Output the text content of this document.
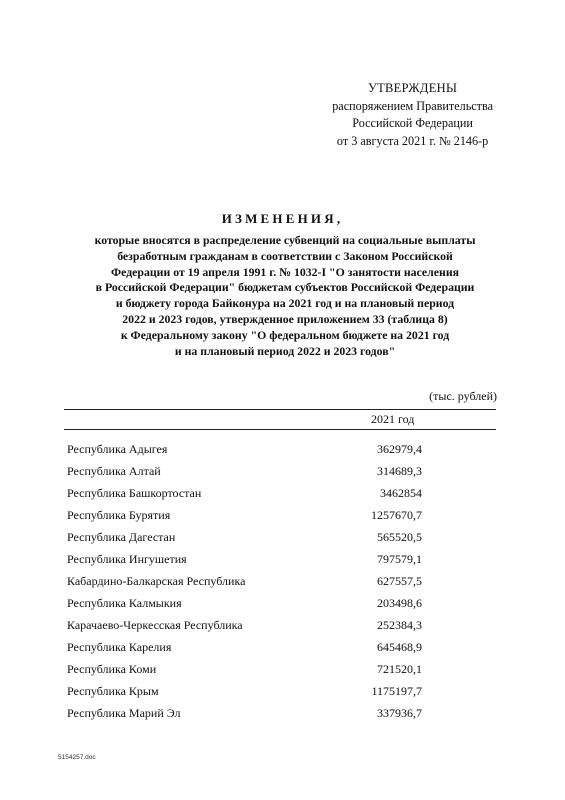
УТВЕРЖДЕНЫ
распоряжением Правительства
Российской Федерации
от 3 августа 2021 г. № 2146-р
ИЗМЕНЕНИЯ,
которые вносятся в распределение субвенций на социальные выплаты
безработным гражданам в соответствии с Законом Российской
Федерации от 19 апреля 1991 г. № 1032-I "О занятости населения
в Российской Федерации" бюджетам субъектов Российской Федерации
и бюджету города Байконура на 2021 год и на плановый период
2022 и 2023 годов, утвержденное приложением 33 (таблица 8)
к Федеральному закону "О федеральном бюджете на 2021 год
и на плановый период 2022 и 2023 годов"
(тыс. рублей)
2021 год
Республика Адыгея	362979,4
Республика Алтай	314689,3
Республика Башкортостан	3462854
Республика Бурятия	1257670,7
Республика Дагестан	565520,5
Республика Ингушетия	797579,1
Кабардино-Балкарская Республика	627557,5
Республика Калмыкия	203498,6
Карачаево-Черкесская Республика	252384,3
Республика Карелия	645468,9
Республика Коми	721520,1
Республика Крым	1175197,7
Республика Марий Эл	337936,7
5154257.doc
